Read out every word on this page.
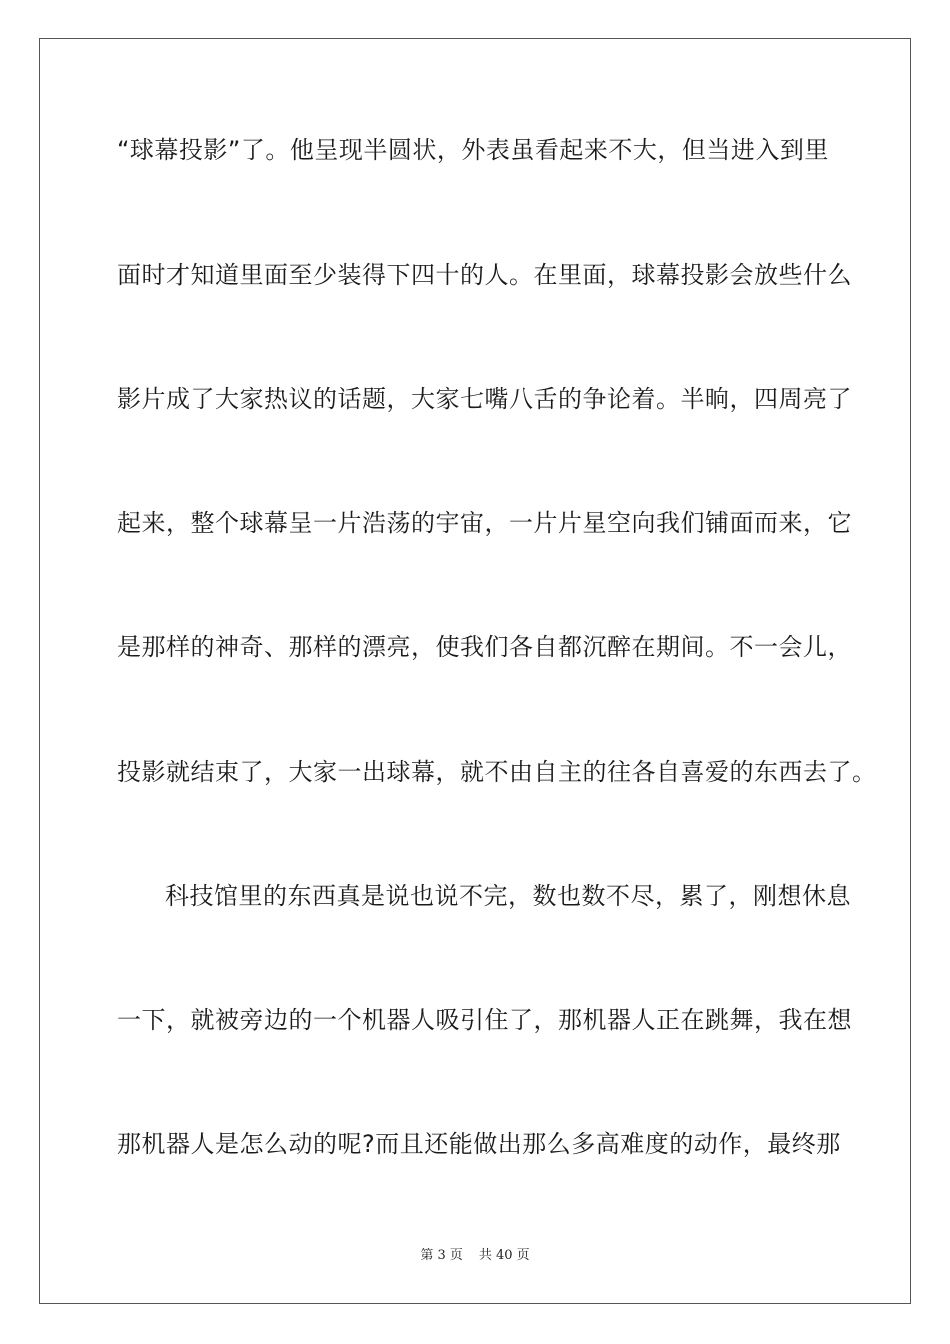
“球幕投影”了。他呈现半圆状，外表虽看起来不大，但当进入到里
面时才知道里面至少装得下四十的人。在里面，球幕投影会放些什么
影片成了大家热议的话题，大家七嘴八舌的争论着。半晌，四周亮了
起来，整个球幕呈一片浩荡的宇宙，一片片星空向我们铺面而来，它
是那样的神奇、那样的漂亮，使我们各自都沉醉在期间。不一会儿，
投影就结束了，大家一出球幕，就不由自主的往各自喜爱的东西去了。
科技馆里的东西真是说也说不完，数也数不尽，累了，刚想休息
一下，就被旁边的一个机器人吸引住了，那机器人正在跳舞，我在想
那机器人是怎么动的呢?而且还能做出那么多高难度的动作，最终那
第 3 页 共 40 页
